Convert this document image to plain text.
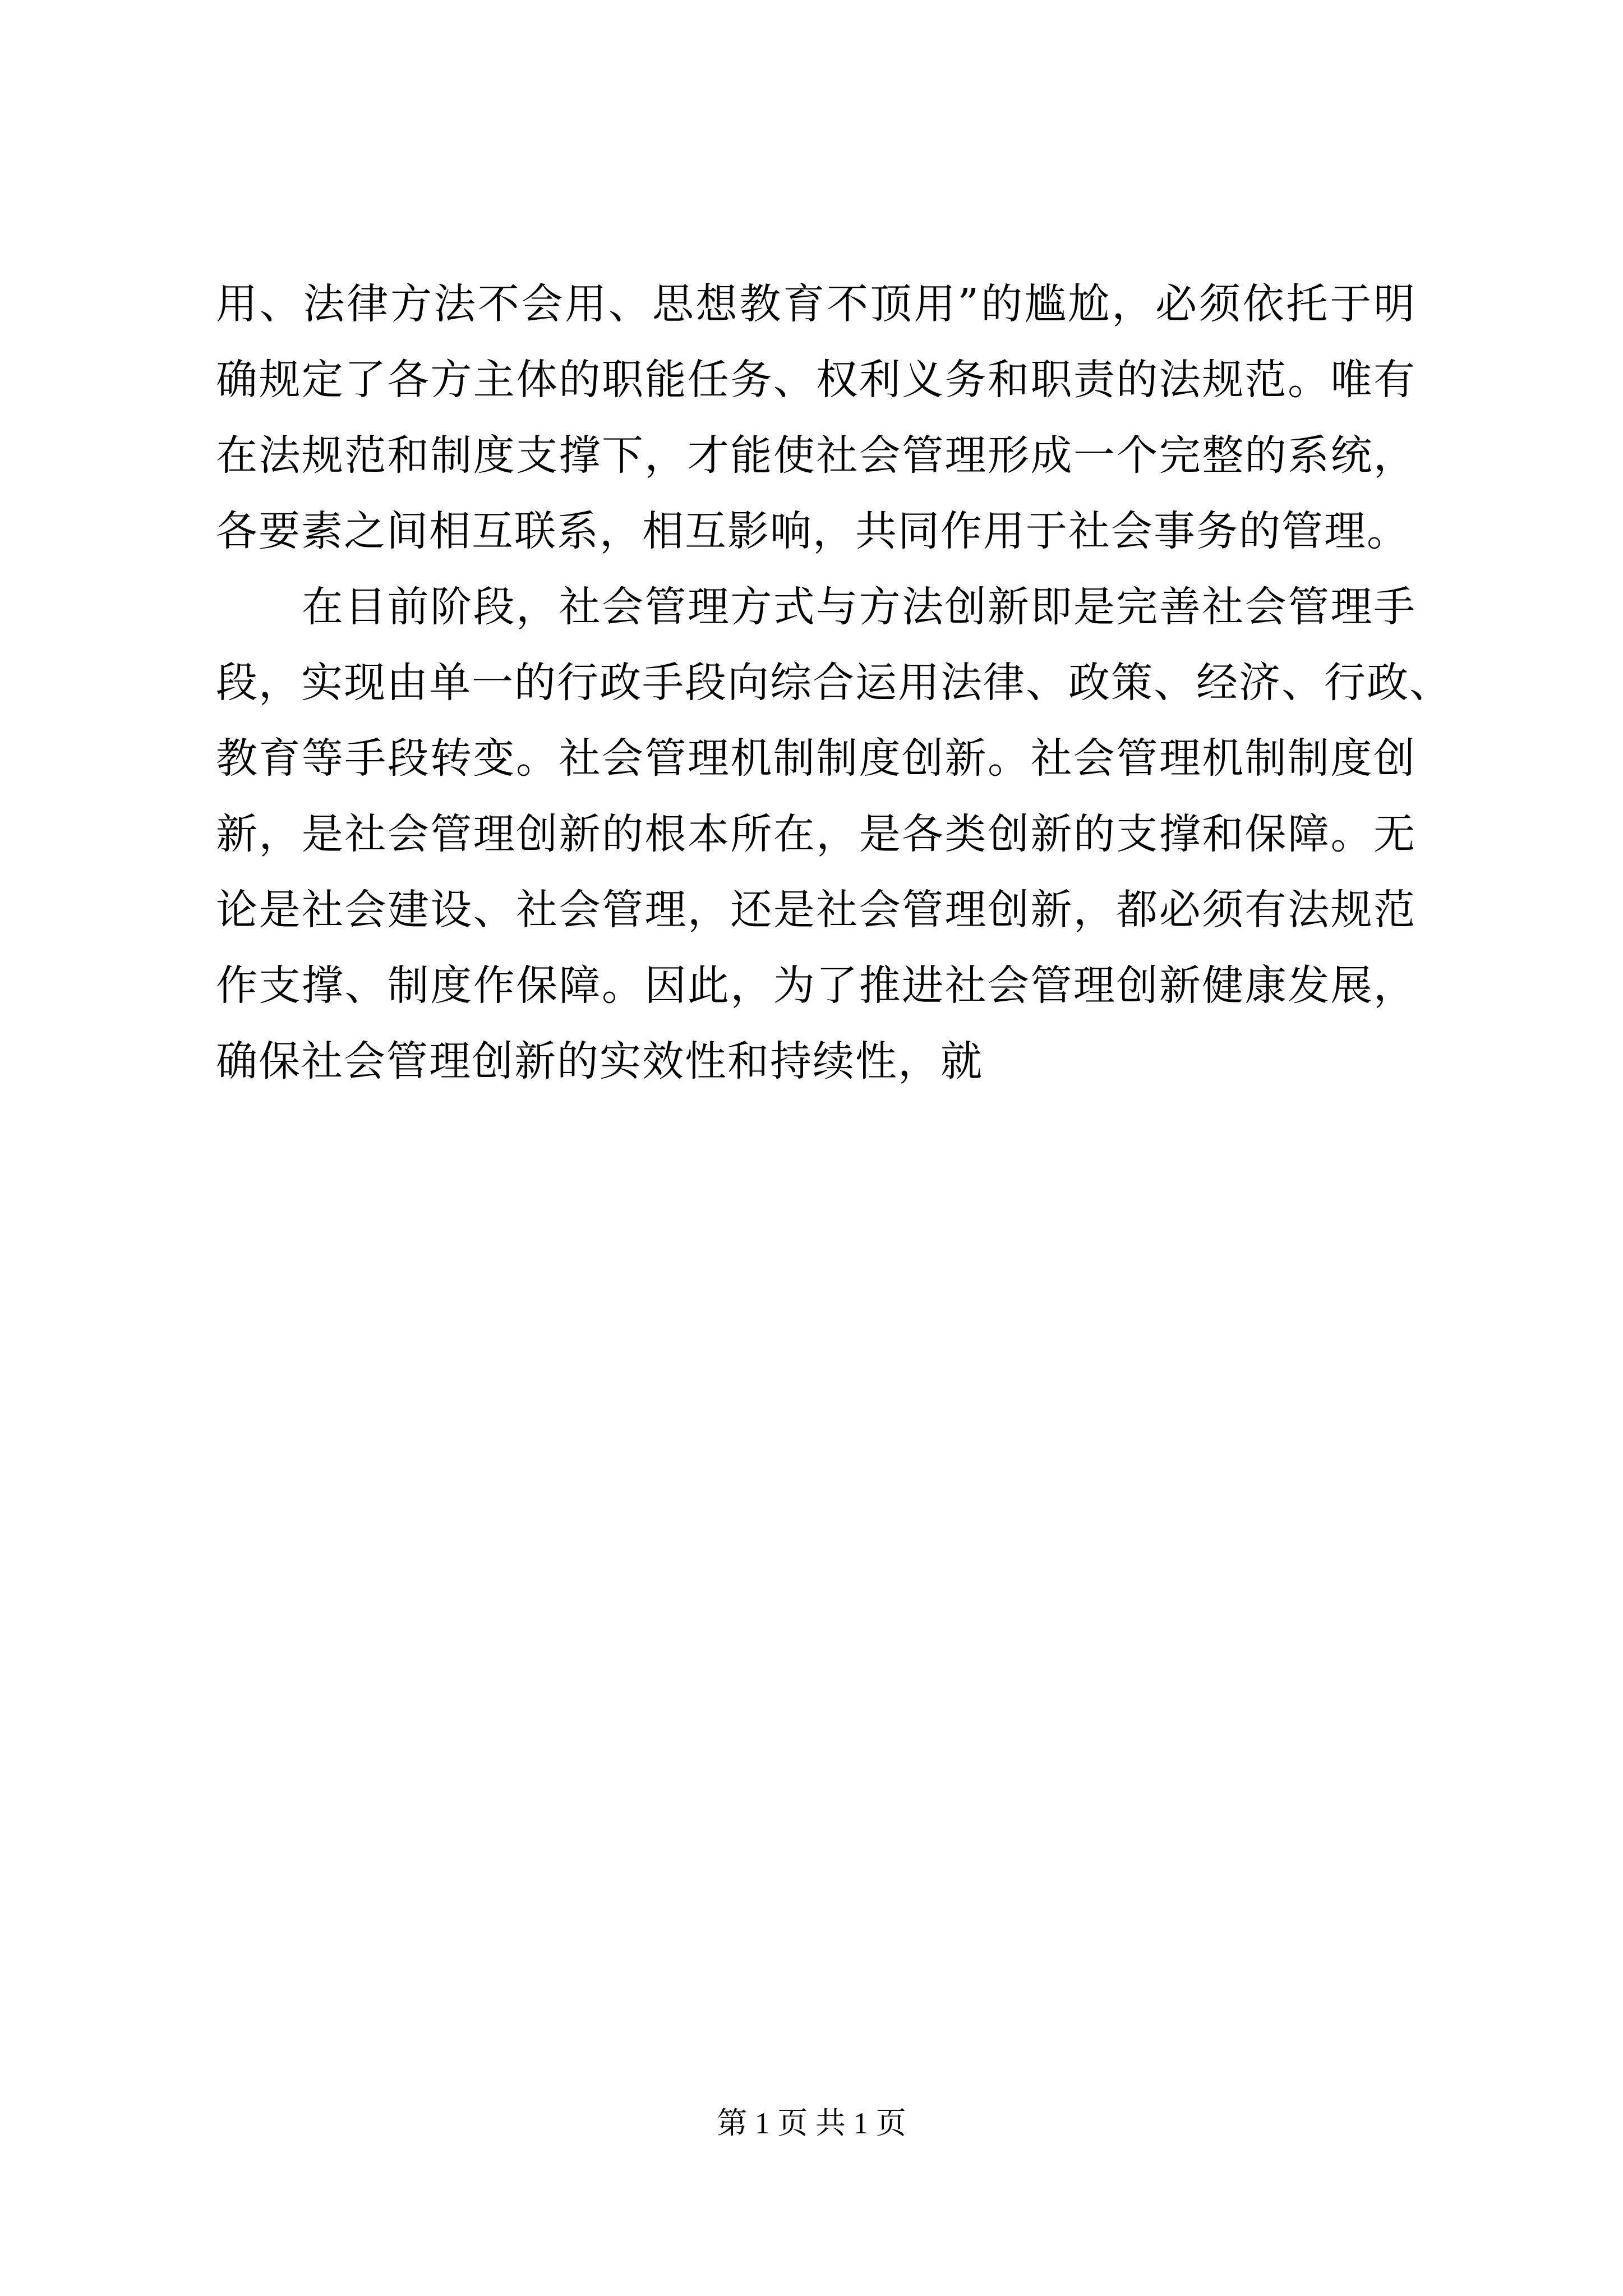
用、法律方法不会用、思想教育不顶用”的尴尬，必须依托于明
确规定了各方主体的职能任务、权利义务和职责的法规范。唯有
在法规范和制度支撑下，才能使社会管理形成一个完整的系统，
各要素之间相互联系，相互影响，共同作用于社会事务的管理。
　　在目前阶段，社会管理方式与方法创新即是完善社会管理手
段，实现由单一的行政手段向综合运用法律、政策、经济、行政、
教育等手段转变。社会管理机制制度创新。社会管理机制制度创
新，是社会管理创新的根本所在，是各类创新的支撑和保障。无
论是社会建设、社会管理，还是社会管理创新，都必须有法规范
作支撑、制度作保障。因此，为了推进社会管理创新健康发展，
确保社会管理创新的实效性和持续性，就
第 1 页 共 1 页
